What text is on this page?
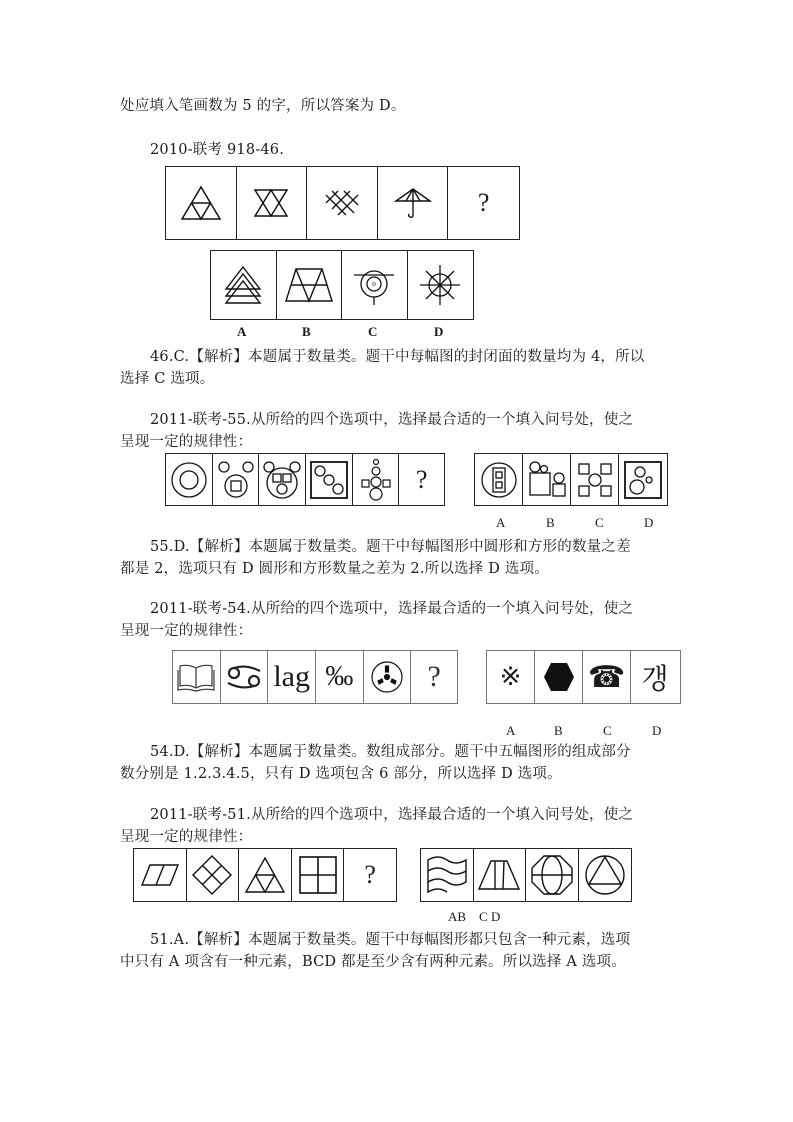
处应填入笔画数为 5 的字，所以答案为 D。
2010-联考 918-46.
?
A	B	C	D
46.C.【解析】本题属于数量类。题干中每幅图的封闭面的数量均为 4，所以
选择 C 选项。
2011-联考-55.从所给的四个选项中，选择最合适的一个填入问号处，使之
呈现一定的规律性：
?
A	B	C	D
55.D.【解析】本题属于数量类。题干中每幅图形中圆形和方形的数量之差
都是 2，选项只有 D 圆形和方形数量之差为 2.所以选择 D 选项。
2011-联考-54.从所给的四个选项中，选择最合适的一个填入问号处，使之
呈现一定的规律性：
lag ‰	?	※	☎ 갱
A	B	C	D
54.D.【解析】本题属于数量类。数组成部分。题干中五幅图形的组成部分
数分别是 1.2.3.4.5，只有 D 选项包含 6 部分，所以选择 D 选项。
2011-联考-51.从所给的四个选项中，选择最合适的一个填入问号处，使之
呈现一定的规律性：
?
AB    C D
51.A.【解析】本题属于数量类。题干中每幅图形都只包含一种元素，选项
中只有 A 项含有一种元素，BCD 都是至少含有两种元素。所以选择 A 选项。
